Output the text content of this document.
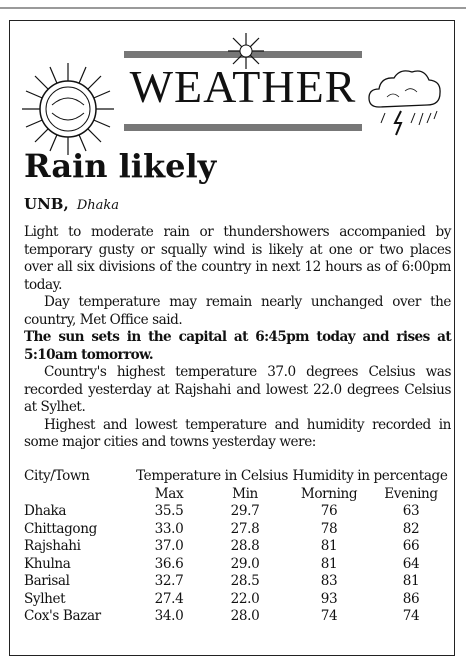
WEATHER
Rain likely
UNB, Dhaka

Light to moderate rain or thundershowers accompanied by temporary gusty or squally wind is likely at one or two places over all six divisions of the country in next 12 hours as of 6:00pm today.

Day temperature may remain nearly unchanged over the country, Met Office said.

The sun sets in the capital at 6:45pm today and rises at 5:10am tomorrow.

Country's highest temperature 37.0 degrees Celsius was recorded yesterday at Rajshahi and lowest 22.0 degrees Celsius at Sylhet.

Highest and lowest temperature and humidity recorded in some major cities and towns yesterday were:

City/Town	Temperature in Celsius		Humidity in percentage	
	Max	Min	Morning	Evening
Dhaka	35.5	29.7	76	63
Chittagong	33.0	27.8	78	82
Rajshahi	37.0	28.8	81	66
Khulna	36.6	29.0	81	64
Barisal	32.7	28.5	83	81
Sylhet	27.4	22.0	93	86
Cox's Bazar	34.0	28.0	74	74
